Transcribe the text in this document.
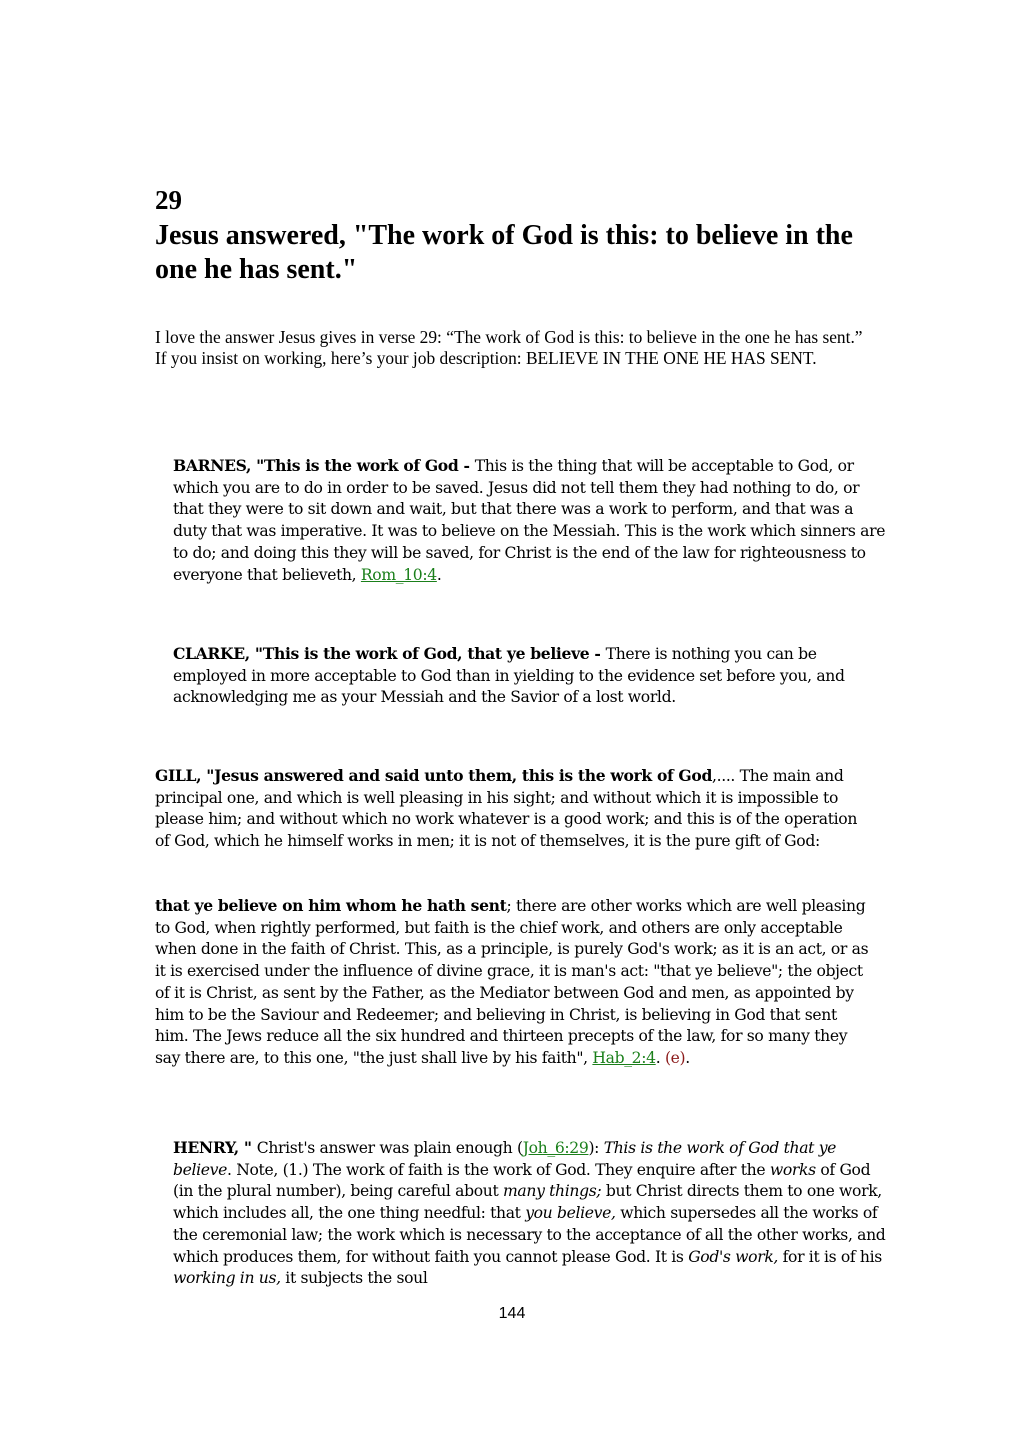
29
Jesus answered, "The work of God is this: to believe in the one he has sent."

I love the answer Jesus gives in verse 29: “The work of God is this: to believe in the one he has sent.” If you insist on working, here’s your job description: BELIEVE IN THE ONE HE HAS SENT.

BARNES, "This is the work of God - This is the thing that will be acceptable to God, or which you are to do in order to be saved. Jesus did not tell them they had nothing to do, or that they were to sit down and wait, but that there was a work to perform, and that was a duty that was imperative. It was to believe on the Messiah. This is the work which sinners are to do; and doing this they will be saved, for Christ is the end of the law for righteousness to everyone that believeth, Rom_10:4.

CLARKE, "This is the work of God, that ye believe - There is nothing you can be employed in more acceptable to God than in yielding to the evidence set before you, and acknowledging me as your Messiah and the Savior of a lost world.

GILL, "Jesus answered and said unto them, this is the work of God,.... The main and principal one, and which is well pleasing in his sight; and without which it is impossible to please him; and without which no work whatever is a good work; and this is of the operation of God, which he himself works in men; it is not of themselves, it is the pure gift of God:

that ye believe on him whom he hath sent; there are other works which are well pleasing to God, when rightly performed, but faith is the chief work, and others are only acceptable when done in the faith of Christ. This, as a principle, is purely God's work; as it is an act, or as it is exercised under the influence of divine grace, it is man's act: "that ye believe"; the object of it is Christ, as sent by the Father, as the Mediator between God and men, as appointed by him to be the Saviour and Redeemer; and believing in Christ, is believing in God that sent him. The Jews reduce all the six hundred and thirteen precepts of the law, for so many they say there are, to this one, "the just shall live by his faith", Hab_2:4. (e).

HENRY, " Christ's answer was plain enough (Joh_6:29): This is the work of God that ye believe. Note, (1.) The work of faith is the work of God. They enquire after the works of God (in the plural number), being careful about many things; but Christ directs them to one work, which includes all, the one thing needful: that you believe, which supersedes all the works of the ceremonial law; the work which is necessary to the acceptance of all the other works, and which produces them, for without faith you cannot please God. It is God's work, for it is of his working in us, it subjects the soul

144
